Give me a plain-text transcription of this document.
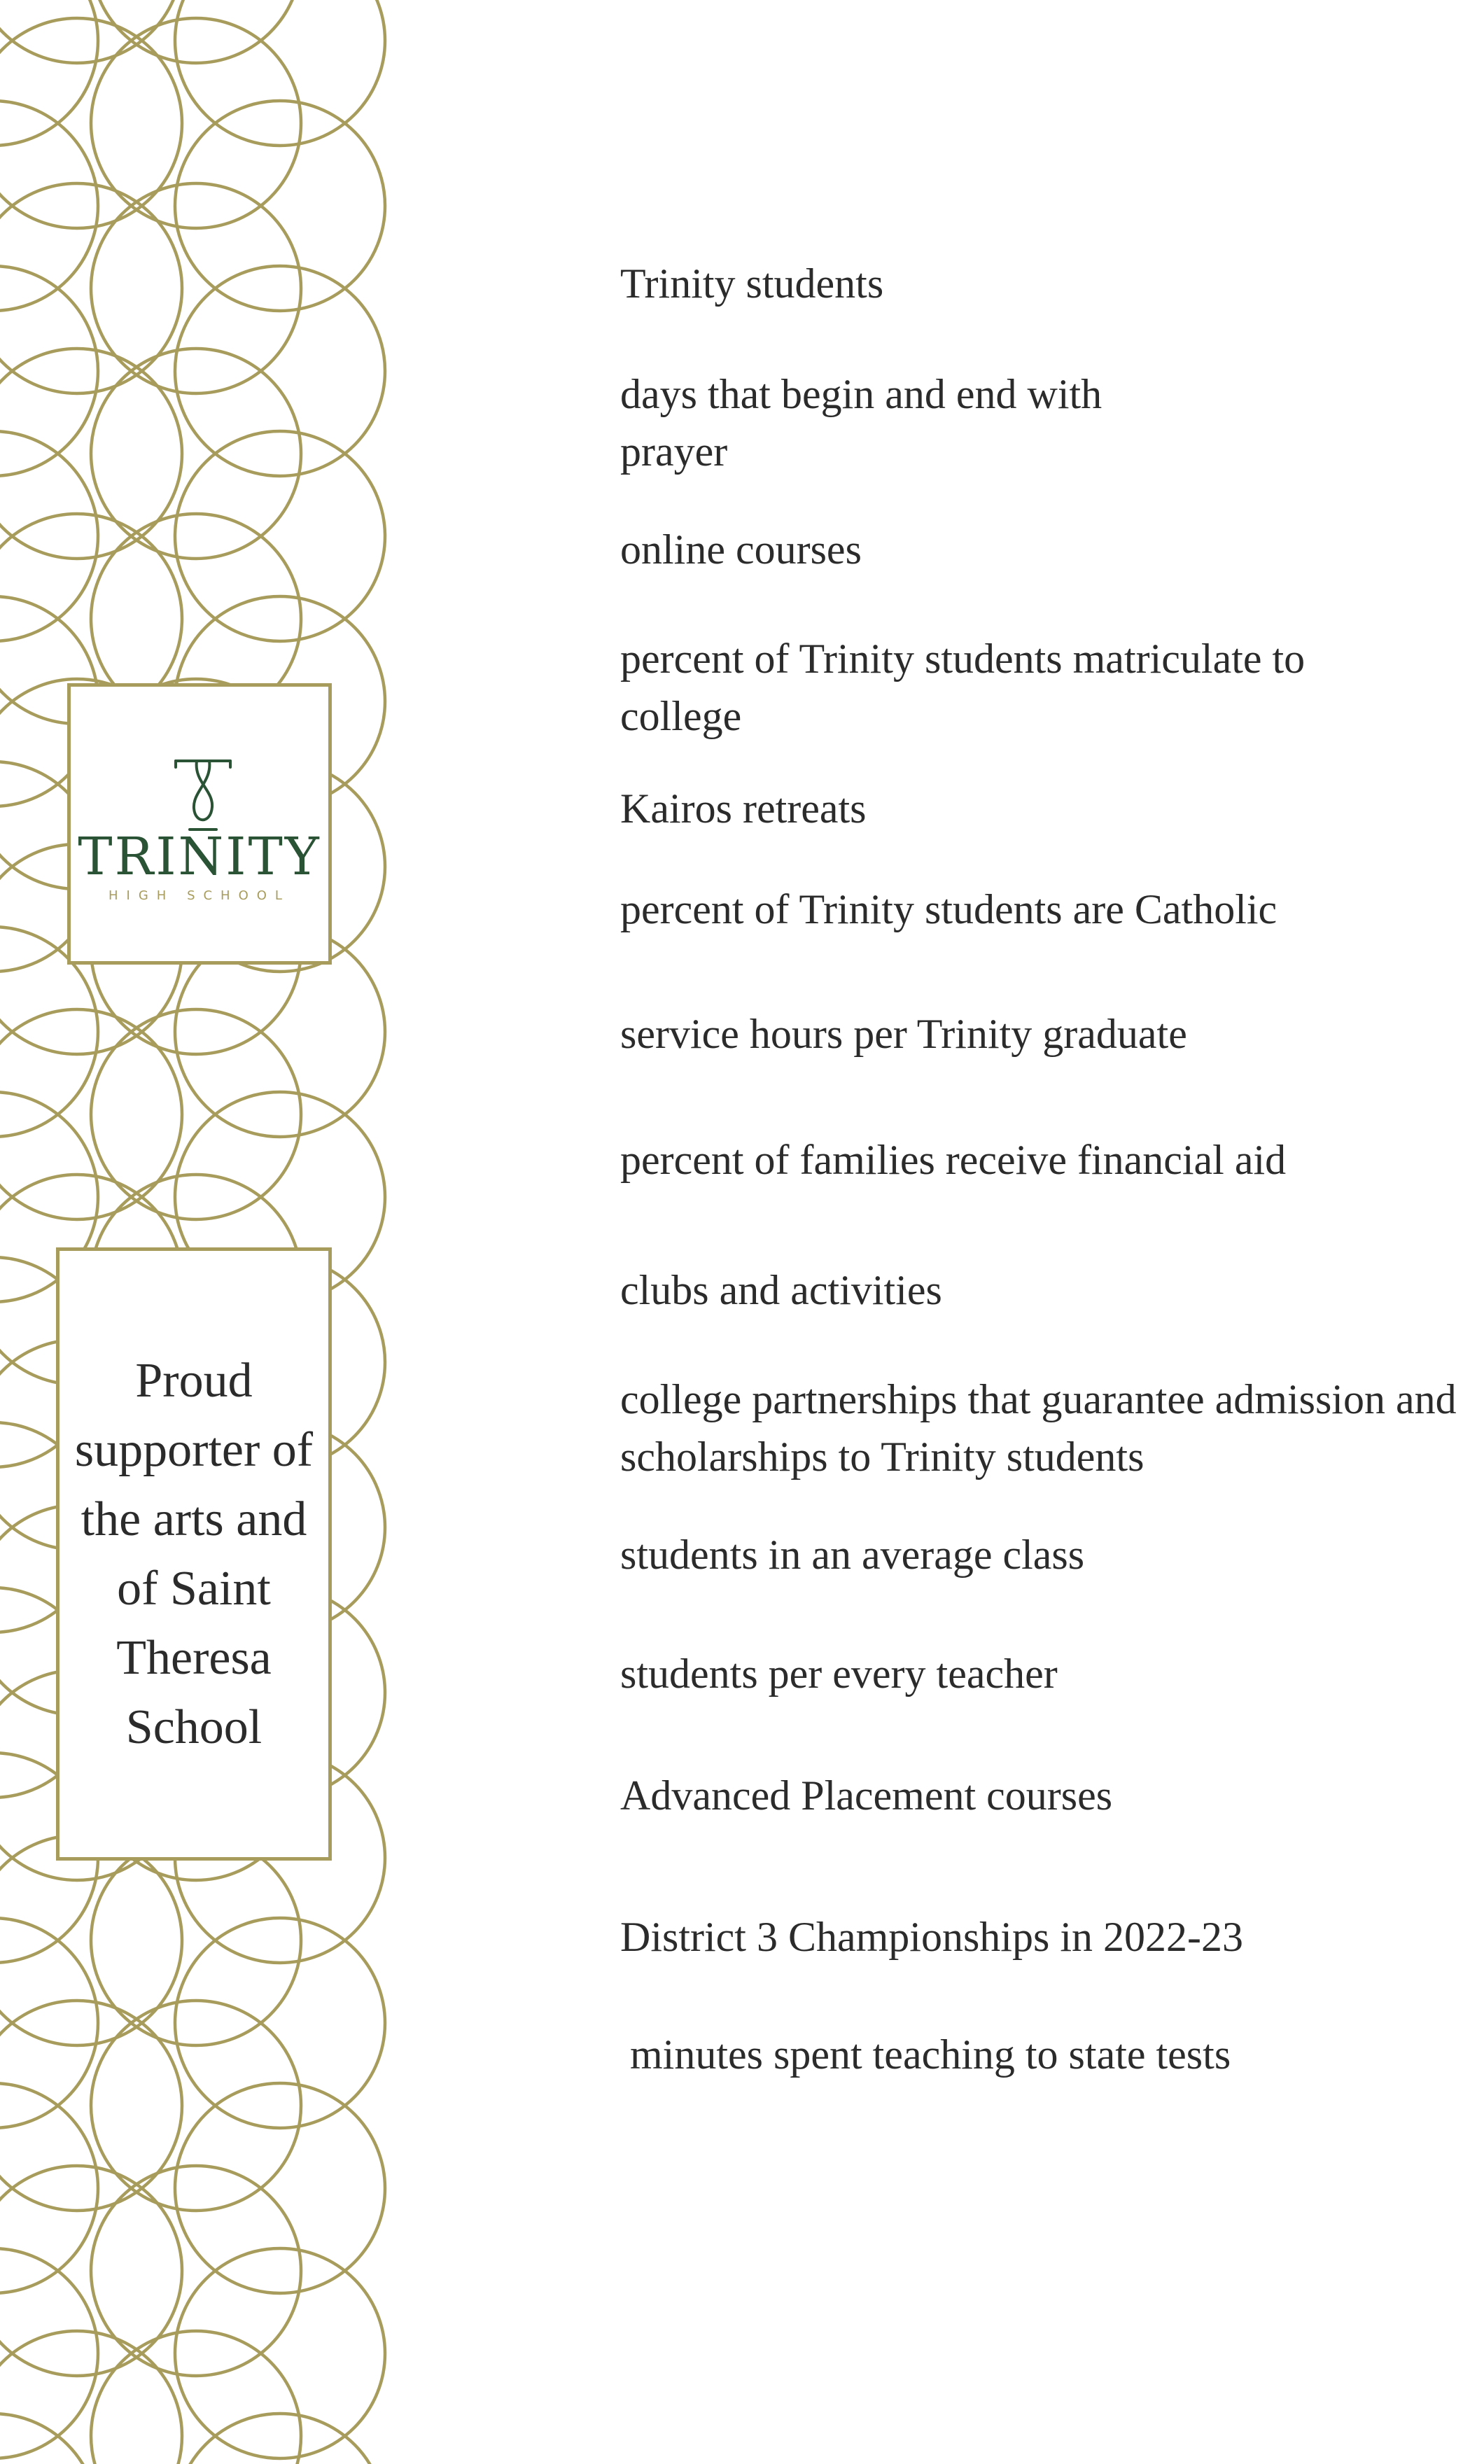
TRINITY
HIGH SCHOOL

Proud supporter of the arts and of Saint Theresa School

Trinity students

days that begin and end with prayer

online courses

percent of Trinity students matriculate to college

Kairos retreats

percent of Trinity students are Catholic

service hours per Trinity graduate

percent of families receive financial aid

clubs and activities

college partnerships that guarantee admission and scholarships to Trinity students

students in an average class

students per every teacher

Advanced Placement courses

District 3 Championships in 2022-23

minutes spent teaching to state tests
